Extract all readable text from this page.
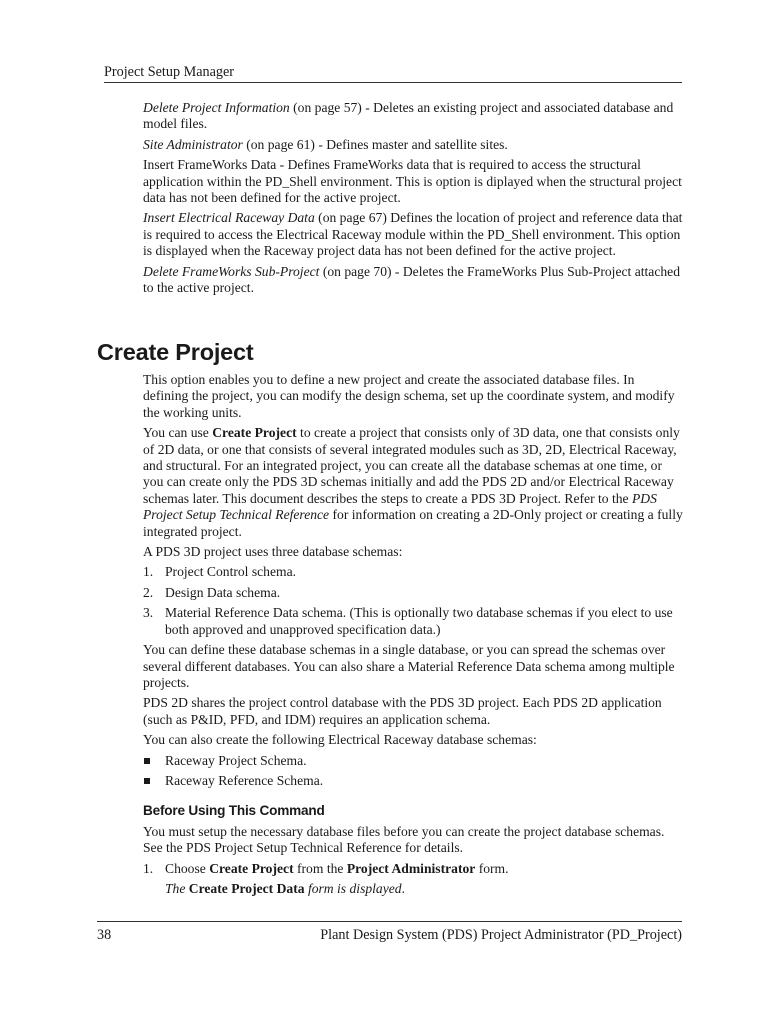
Project Setup Manager

Delete Project Information (on page 57) - Deletes an existing project and associated database and model files.

Site Administrator (on page 61) - Defines master and satellite sites.

Insert FrameWorks Data - Defines FrameWorks data that is required to access the structural application within the PD_Shell environment. This is option is diplayed when the structural project data has not been defined for the active project.

Insert Electrical Raceway Data (on page 67) Defines the location of project and reference data that is required to access the Electrical Raceway module within the PD_Shell environment. This option is displayed when the Raceway project data has not been defined for the active project.

Delete FrameWorks Sub-Project (on page 70) - Deletes the FrameWorks Plus Sub-Project attached to the active project.

Create Project

This option enables you to define a new project and create the associated database files. In defining the project, you can modify the design schema, set up the coordinate system, and modify the working units.

You can use Create Project to create a project that consists only of 3D data, one that consists only of 2D data, or one that consists of several integrated modules such as 3D, 2D, Electrical Raceway, and structural. For an integrated project, you can create all the database schemas at one time, or you can create only the PDS 3D schemas initially and add the PDS 2D and/or Electrical Raceway schemas later. This document describes the steps to create a PDS 3D Project. Refer to the PDS Project Setup Technical Reference for information on creating a 2D-Only project or creating a fully integrated project.

A PDS 3D project uses three database schemas:

1. Project Control schema.
2. Design Data schema.
3. Material Reference Data schema. (This is optionally two database schemas if you elect to use both approved and unapproved specification data.)

You can define these database schemas in a single database, or you can spread the schemas over several different databases. You can also share a Material Reference Data schema among multiple projects.

PDS 2D shares the project control database with the PDS 3D project. Each PDS 2D application (such as P&ID, PFD, and IDM) requires an application schema.

You can also create the following Electrical Raceway database schemas:

Raceway Project Schema.
Raceway Reference Schema.
Before Using This Command

You must setup the necessary database files before you can create the project database schemas. See the PDS Project Setup Technical Reference for details.

1. Choose Create Project from the Project Administrator form.

The Create Project Data form is displayed.

38	Plant Design System (PDS) Project Administrator (PD_Project)
